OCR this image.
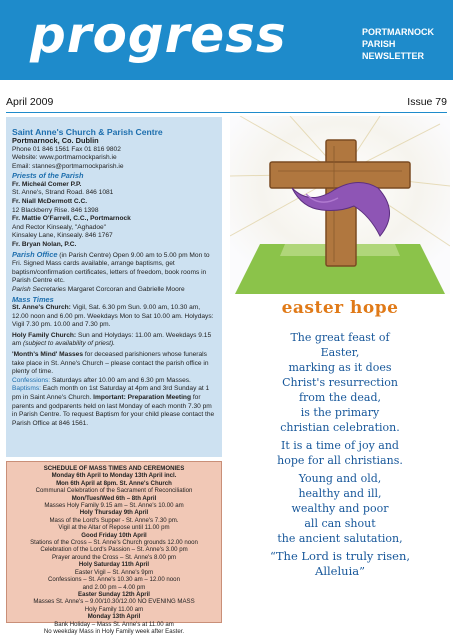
progress	PORTMARNOCK
PARISH
NEWSLETTER
April 2009	Issue 79

Saint Anne's Church & Parish Centre

Portmarnock, Co. Dublin

Phone 01 846 1561 Fax 01 816 9802

Website: www.portmarnockparish.ie

Email: stannes@portmarnockparish.ie

Priests of the Parish

Fr. Micheál Comer P.P.

St. Anne's, Strand Road. 846 1081

Fr. Niall McDermott C.C.

12 Blackberry Rise. 846 1398

Fr. Mattie O'Farrell, C.C., Portmarnock

And Rector Kinsealy, "Aghadoe"

Kinsaley Lane, Kinsealy. 846 1767

Fr. Bryan Nolan, P.C.

Parish Office (in Parish Centre) Open 9.00 am to 5.00 pm Mon to Fri. Signed Mass cards available, arrange baptisms, get baptism/confirmation certificates, letters of freedom, book rooms in Parish Centre etc.

Parish Secretaries Margaret Corcoran and Gabrielle Moore

Mass Times

St. Anne's Church: Vigil, Sat. 6.30 pm Sun. 9.00 am, 10.30 am, 12.00 noon and 6.00 pm. Weekdays Mon to Sat 10.00 am. Holydays: Vigil 7.30 pm. 10.00 and 7.30 pm.

Holy Family Church: Sun and Holydays: 11.00 am. Weekdays 9.15 am (subject to availability of priest).

'Month's Mind' Masses for deceased parishioners whose funerals take place in St. Anne's Church – please contact the parish office in plenty of time.

Confessions: Saturdays after 10.00 am and 6.30 pm Masses.

Baptisms: Each month on 1st Saturday at 4pm and 3rd Sunday at 1 pm in Saint Anne's Church. Important: Preparation Meeting for parents and godparents held on last Monday of each month 7.30 pm in Parish Centre. To request Baptism for your child please contact the Parish Office at 846 1561.

SCHEDULE OF MASS TIMES AND CEREMONIES
Monday 6th April to Monday 13th April incl.
Mon 6th April at 8pm. St. Anne's Church
Communal Celebration of the Sacrament of Reconciliation
Mon/Tues/Wed 6th – 8th April
Masses Holy Family 9.15 am – St. Anne's 10.00 am
Holy Thursday 9th April
Mass of the Lord's Supper - St. Anne's 7.30 pm.
Vigil at the Altar of Repose until 11.00 pm
Good Friday 10th April
Stations of the Cross – St. Anne's Church grounds 12.00 noon
Celebration of the Lord's Passion – St. Anne's 3.00 pm
Prayer around the Cross – St. Anne's 8.00 pm
Holy Saturday 11th April
Easter Vigil – St. Anne's 9pm
Confessions – St. Anne's 10.30 am – 12.00 noon
and 2.00 pm – 4.00 pm
Easter Sunday 12th April
Masses St. Anne's – 9.00/10.30/12.00 NO EVENING MASS
Holy Family 11.00 am
Monday 13th April
Bank Holiday – Mass St. Anne's at 11.00 am
No weekday Mass in Holy Family week after Easter.
easter hope
The great feast of
Easter,
marking as it does
Christ's resurrection
from the dead,
is the primary
christian celebration.
It is a time of joy and
hope for all christians.
Young and old,
healthy and ill,
wealthy and poor
all can shout
the ancient salutation,
“The Lord is truly risen,
Alleluia”
